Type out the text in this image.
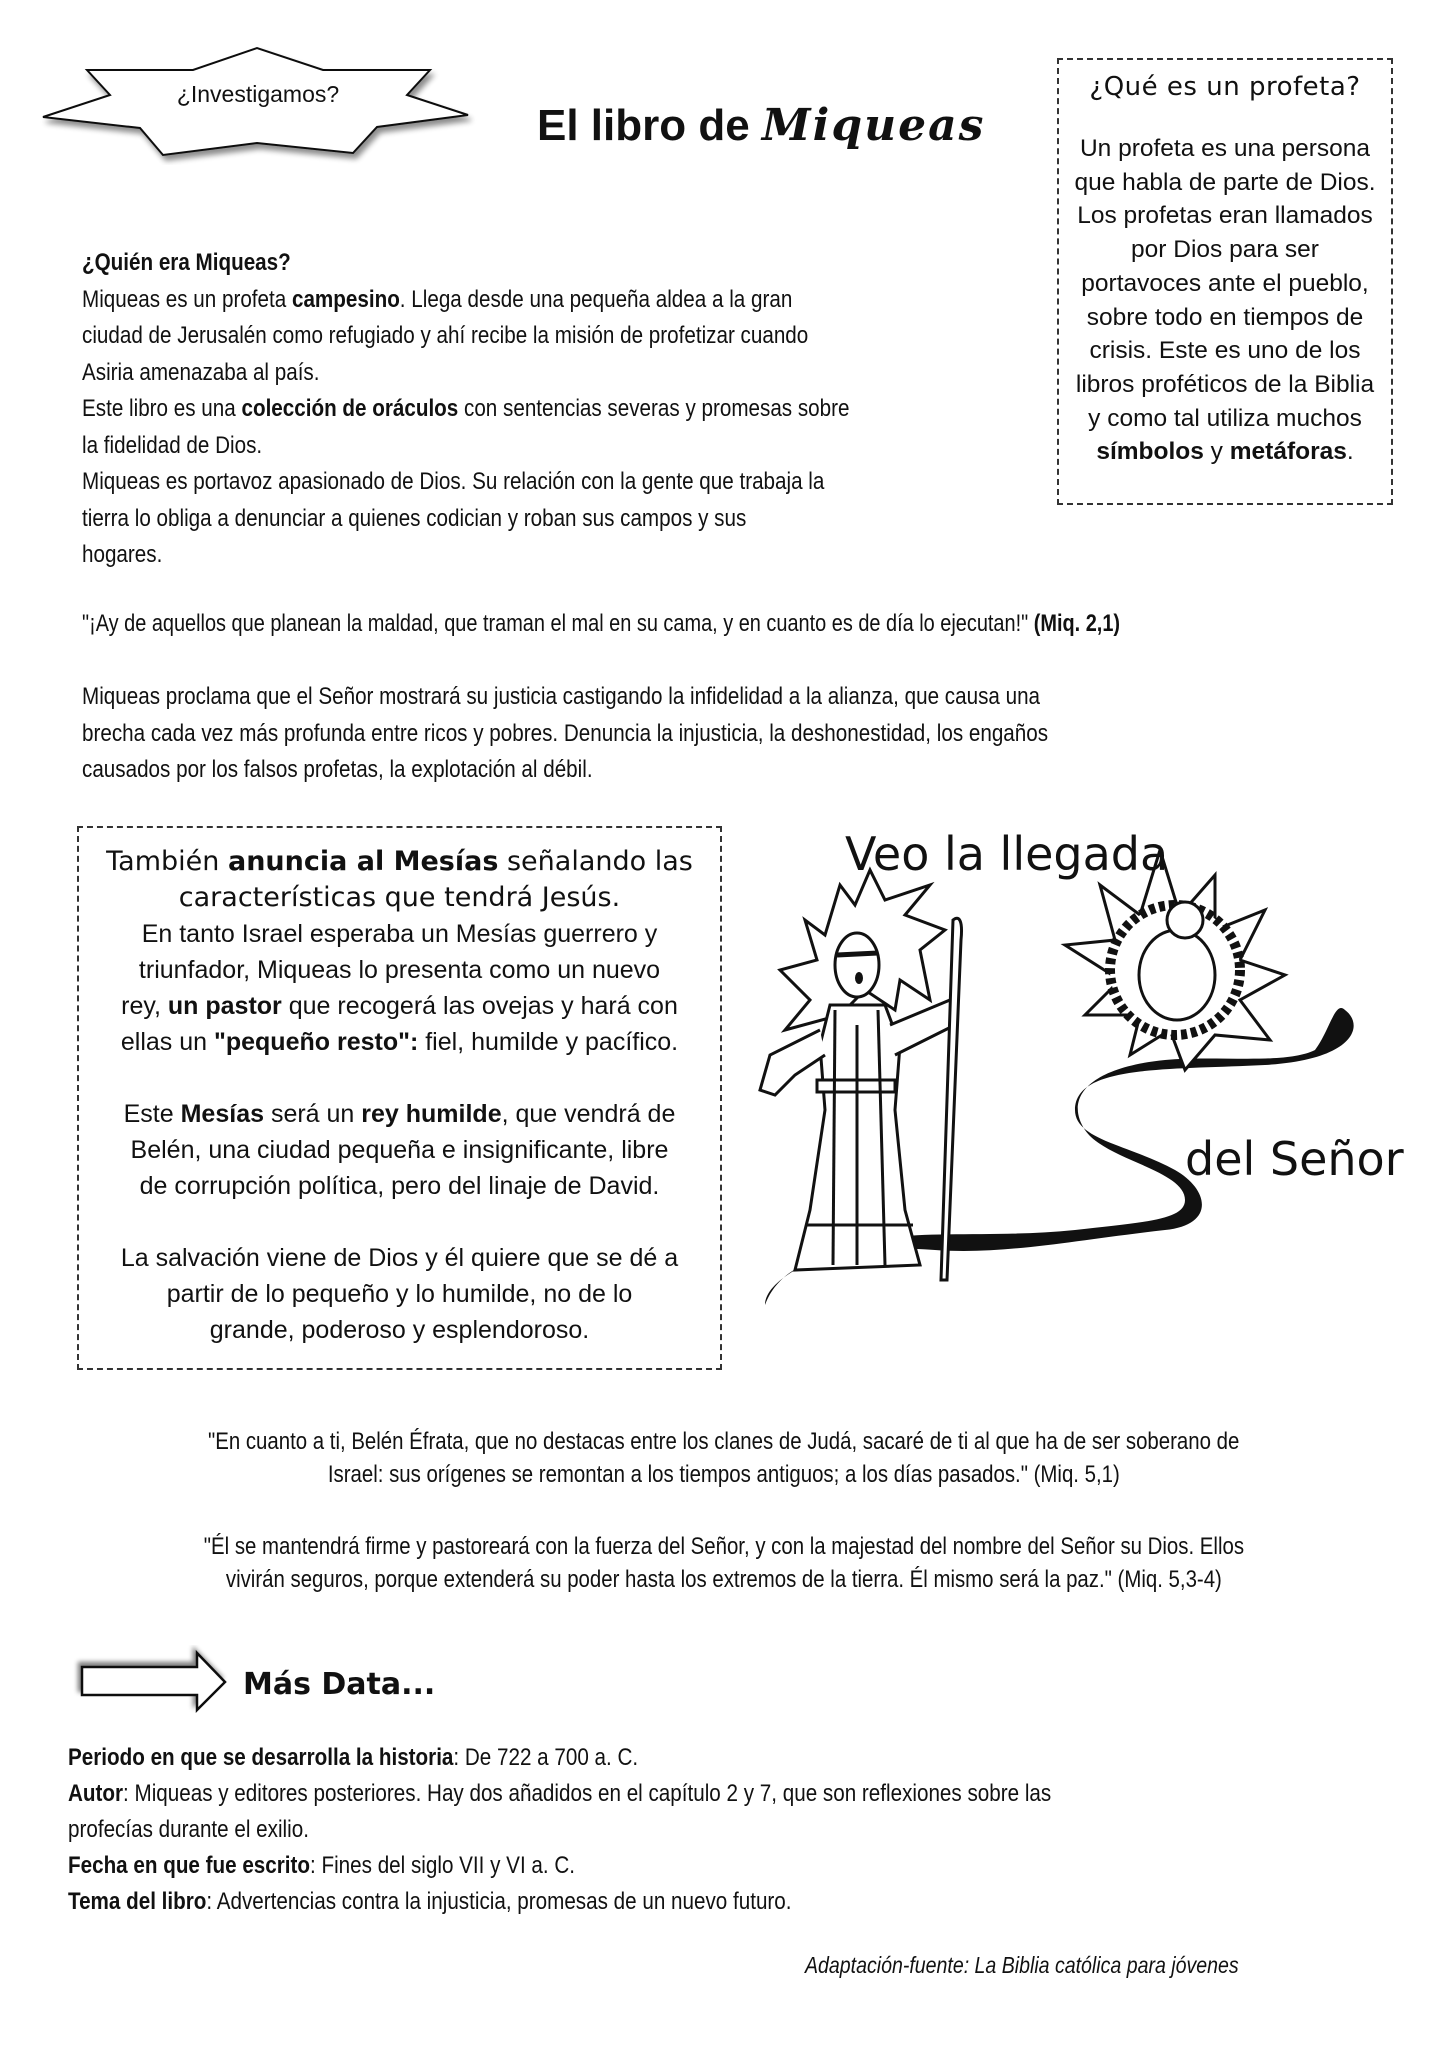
¿Investigamos?
El libro de Miqueas
¿Qué es un profeta?
Un profeta es una persona
que habla de parte de Dios.
Los profetas eran llamados
por Dios para ser
portavoces ante el pueblo,
sobre todo en tiempos de
crisis. Este es uno de los
libros proféticos de la Biblia
y como tal utiliza muchos
símbolos y metáforas.
¿Quién era Miqueas?
Miqueas es un profeta campesino. Llega desde una pequeña aldea a la gran
ciudad de Jerusalén como refugiado y ahí recibe la misión de profetizar cuando
Asiria amenazaba al país.
Este libro es una colección de oráculos con sentencias severas y promesas sobre
la fidelidad de Dios.
Miqueas es portavoz apasionado de Dios. Su relación con la gente que trabaja la
tierra lo obliga a denunciar a quienes codician y roban sus campos y sus
hogares.
"¡Ay de aquellos que planean la maldad, que traman el mal en su cama, y en cuanto es de día lo ejecutan!" (Miq. 2,1)
Miqueas proclama que el Señor mostrará su justicia castigando la infidelidad a la alianza, que causa una
brecha cada vez más profunda entre ricos y pobres. Denuncia la injusticia, la deshonestidad, los engaños
causados por los falsos profetas, la explotación al débil.
También anuncia al Mesías señalando las
características que tendrá Jesús.
En tanto Israel esperaba un Mesías guerrero y
triunfador, Miqueas lo presenta como un nuevo
rey, un pastor que recogerá las ovejas y hará con
ellas un "pequeño resto": fiel, humilde y pacífico.
Este Mesías será un rey humilde, que vendrá de
Belén, una ciudad pequeña e insignificante, libre
de corrupción política, pero del linaje de David.
La salvación viene de Dios y él quiere que se dé a
partir de lo pequeño y lo humilde, no de lo
grande, poderoso y esplendoroso.
Veo la llegada
del Señor
"En cuanto a ti, Belén Éfrata, que no destacas entre los clanes de Judá, sacaré de ti al que ha de ser soberano de
Israel: sus orígenes se remontan a los tiempos antiguos; a los días pasados." (Miq. 5,1)
"Él se mantendrá firme y pastoreará con la fuerza del Señor, y con la majestad del nombre del Señor su Dios. Ellos
vivirán seguros, porque extenderá su poder hasta los extremos de la tierra. Él mismo será la paz." (Miq. 5,3-4)
Más Data...
Periodo en que se desarrolla la historia: De 722 a 700 a. C.
Autor: Miqueas y editores posteriores. Hay dos añadidos en el capítulo 2 y 7, que son reflexiones sobre las
profecías durante el exilio.
Fecha en que fue escrito: Fines del siglo VII y VI a. C.
Tema del libro: Advertencias contra la injusticia, promesas de un nuevo futuro.
Adaptación-fuente: La Biblia católica para jóvenes
